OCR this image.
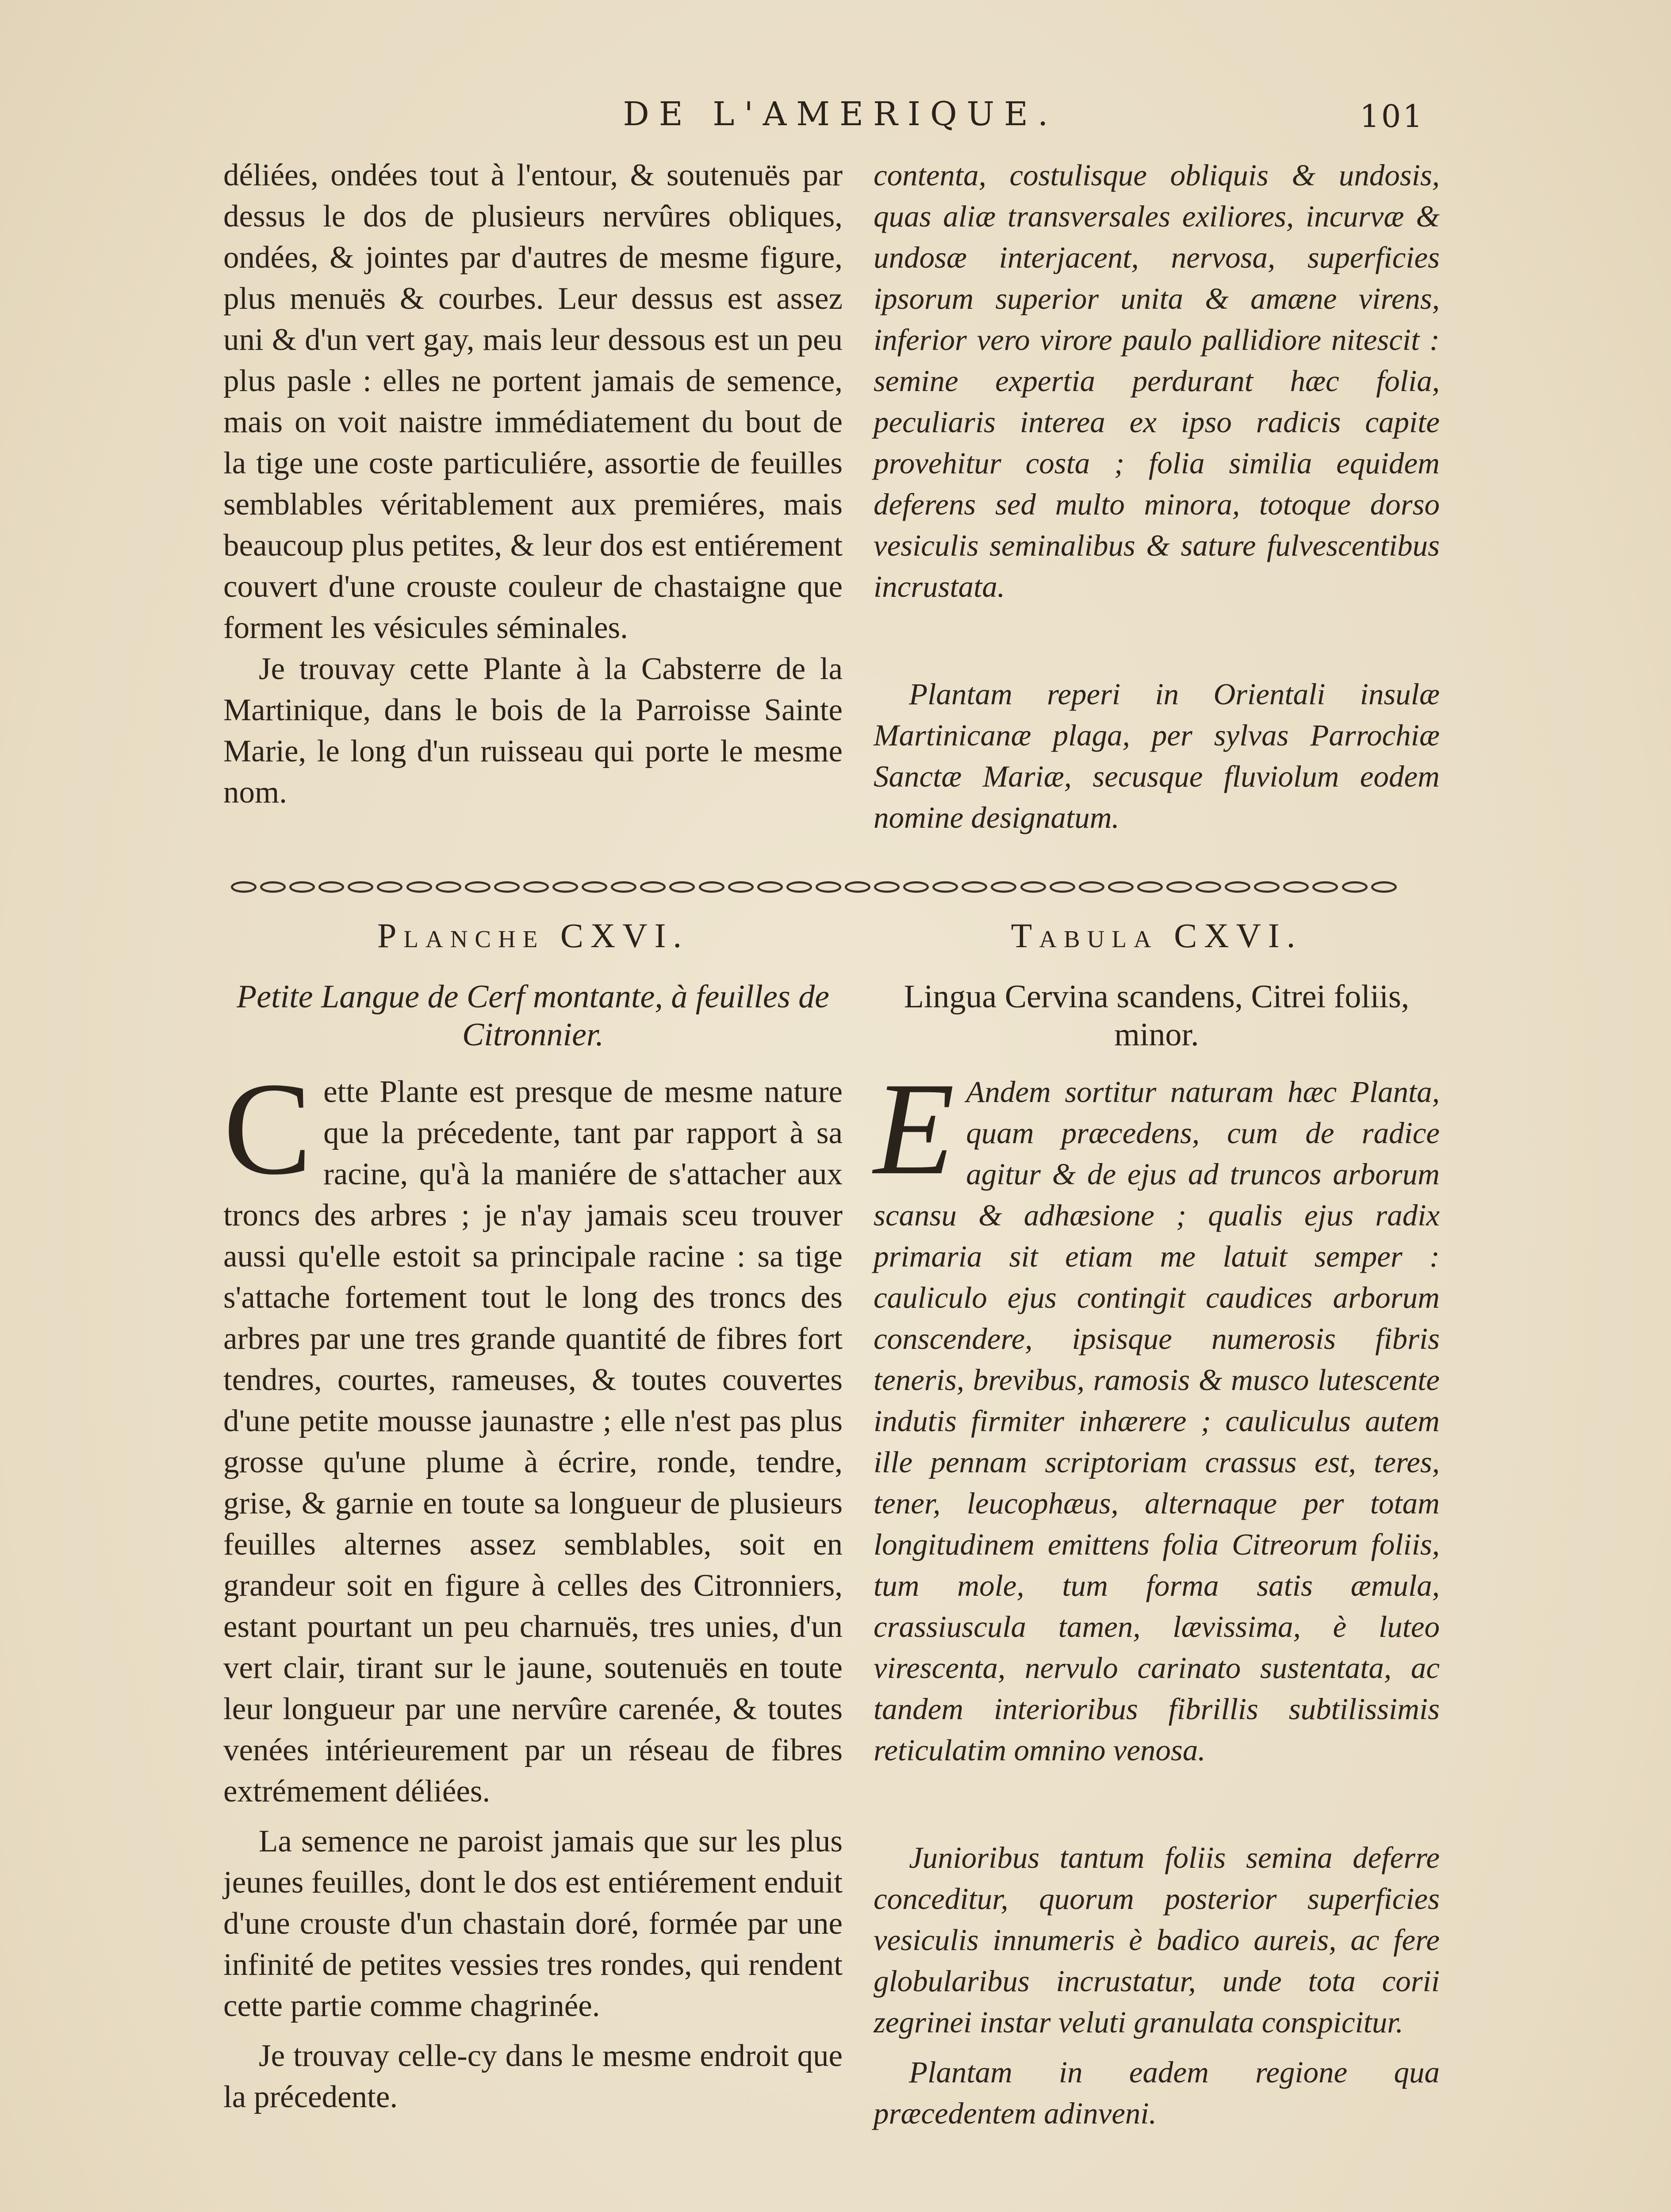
DE L'AMERIQUE.	101

déliées, ondées tout à l'entour, & soutenuës par dessus le dos de plusieurs nervûres obliques, ondées, & jointes par d'autres de mesme figure, plus menuës & courbes. Leur dessus est assez uni & d'un vert gay, mais leur dessous est un peu plus pasle : elles ne portent jamais de semence, mais on voit naistre immédiatement du bout de la tige une coste particuliére, assortie de feuilles semblables véritablement aux premiéres, mais beaucoup plus petites, & leur dos est entiérement couvert d'une crouste couleur de chastaigne que forment les vésicules séminales.

Je trouvay cette Plante à la Cabsterre de la Martinique, dans le bois de la Parroisse Sainte Marie, le long d'un ruisseau qui porte le mesme nom.

contenta, costulisque obliquis & undosis, quas aliæ transversales exiliores, incurvæ & undosæ interjacent, nervosa, superficies ipsorum superior unita & amæne virens, inferior vero virore paulo pallidiore nitescit : semine expertia perdurant hæc folia, peculiaris interea ex ipso radicis capite provehitur costa ; folia similia equidem deferens sed multo minora, totoque dorso vesiculis seminalibus & sature fulvescentibus incrustata.

Plantam reperi in Orientali insulæ Martinicanæ plaga, per sylvas Parrochiæ Sanctæ Mariæ, secusque fluviolum eodem nomine designatum.

Planche CXVI.

Petite Langue de Cerf montante, à feuilles de Citronnier.

C ette Plante est presque de mesme nature que la précedente, tant par rapport à sa racine, qu'à la maniére de s'attacher aux troncs des arbres ; je n'ay jamais sceu trouver aussi qu'elle estoit sa principale racine : sa tige s'attache fortement tout le long des troncs des arbres par une tres grande quantité de fibres fort tendres, courtes, rameuses, & toutes couvertes d'une petite mousse jaunastre ; elle n'est pas plus grosse qu'une plume à écrire, ronde, tendre, grise, & garnie en toute sa longueur de plusieurs feuilles alternes assez semblables, soit en grandeur soit en figure à celles des Citronniers, estant pourtant un peu charnuës, tres unies, d'un vert clair, tirant sur le jaune, soutenuës en toute leur longueur par une nervûre carenée, & toutes venées intérieurement par un réseau de fibres extrémement déliées.

La semence ne paroist jamais que sur les plus jeunes feuilles, dont le dos est entiérement enduit d'une crouste d'un chastain doré, formée par une infinité de petites vessies tres rondes, qui rendent cette partie comme chagrinée.

Je trouvay celle-cy dans le mesme endroit que la précedente.

Tabula CXVI.

Lingua Cervina scandens, Citrei foliis, minor.

E Andem sortitur naturam hæc Planta, quam præcedens, cum de radice agitur & de ejus ad truncos arborum scansu & adhæsione ; qualis ejus radix primaria sit etiam me latuit semper : cauliculo ejus contingit caudices arborum conscendere, ipsisque numerosis fibris teneris, brevibus, ramosis & musco lutescente indutis firmiter inhærere ; cauliculus autem ille pennam scriptoriam crassus est, teres, tener, leucophæus, alternaque per totam longitudinem emittens folia Citreorum foliis, tum mole, tum forma satis æmula, crassiuscula tamen, lævissima, è luteo virescenta, nervulo carinato sustentata, ac tandem interioribus fibrillis subtilissimis reticulatim omnino venosa.

Junioribus tantum foliis semina deferre conceditur, quorum posterior superficies vesiculis innumeris è badico aureis, ac fere globularibus incrustatur, unde tota corii zegrinei instar veluti granulata conspicitur.

Plantam in eadem regione qua præcedentem adinveni.
